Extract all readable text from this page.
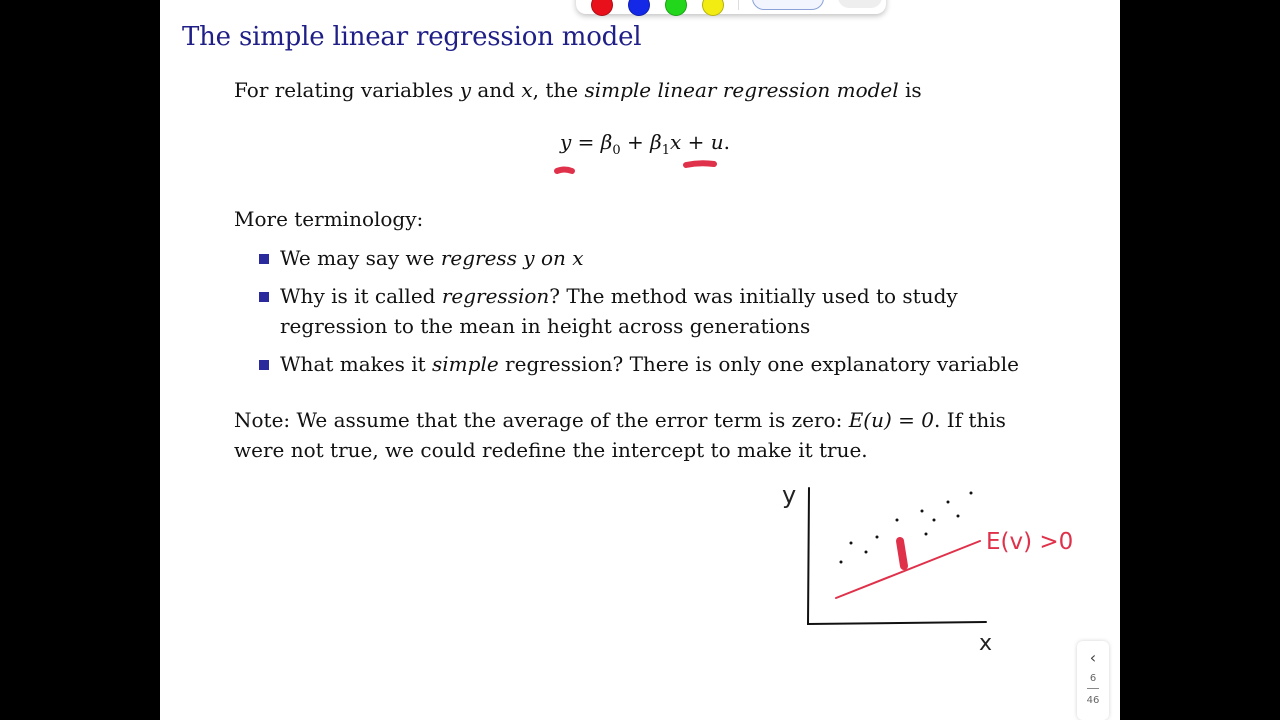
The simple linear regression model
For relating variables y and x, the simple linear regression model is
$y = \beta_0 + \beta_1x + u$.
More terminology:
We may say we regress y on x
Why is it called regression? The method was initially used to study regression to the mean in height across generations
What makes it simple regression? There is only one explanatory variable
Note: We assume that the average of the error term is zero: E(u) = 0. If this were not true, we could redefine the intercept to make it true.
y
x
E(v) >0
‹
6
46
